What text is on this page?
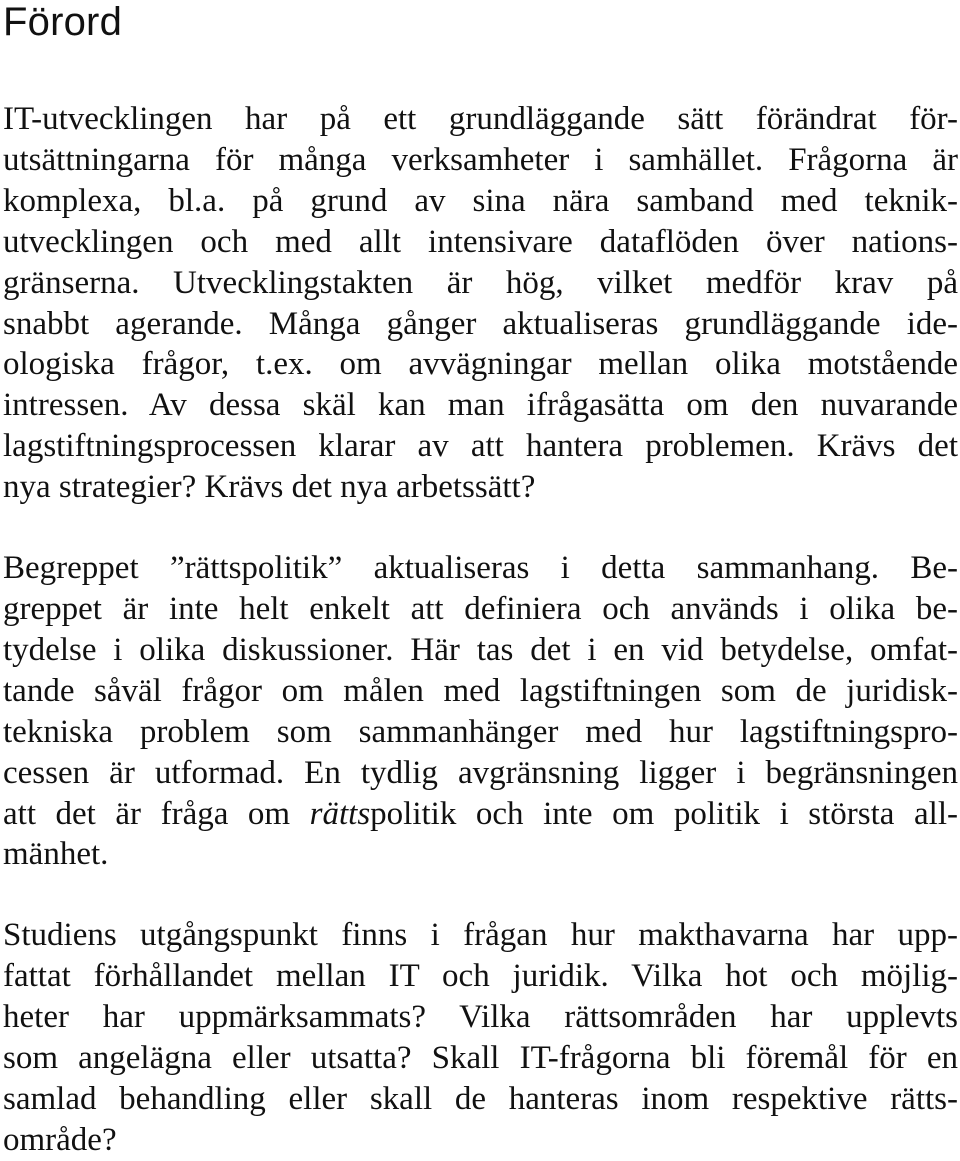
Förord

IT-utvecklingen har på ett grundläggande sätt förändrat för-
utsättningarna för många verksamheter i samhället. Frågorna är
komplexa, bl.a. på grund av sina nära samband med teknik-
utvecklingen och med allt intensivare dataflöden över nations-
gränserna. Utvecklingstakten är hög, vilket medför krav på
snabbt agerande. Många gånger aktualiseras grundläggande ide-
ologiska frågor, t.ex. om avvägningar mellan olika motstående
intressen. Av dessa skäl kan man ifrågasätta om den nuvarande
lagstiftningsprocessen klarar av att hantera problemen. Krävs det
nya strategier? Krävs det nya arbetssätt?

Begreppet ”rättspolitik” aktualiseras i detta sammanhang. Be-
greppet är inte helt enkelt att definiera och används i olika be-
tydelse i olika diskussioner. Här tas det i en vid betydelse, omfat-
tande såväl frågor om målen med lagstiftningen som de juridisk-
tekniska problem som sammanhänger med hur lagstiftningspro-
cessen är utformad. En tydlig avgränsning ligger i begränsningen
att det är fråga om rättspolitik och inte om politik i största all-
mänhet.

Studiens utgångspunkt finns i frågan hur makthavarna har upp-
fattat förhållandet mellan IT och juridik. Vilka hot och möjlig-
heter har uppmärksammats? Vilka rättsområden har upplevts
som angelägna eller utsatta? Skall IT-frågorna bli föremål för en
samlad behandling eller skall de hanteras inom respektive rätts-
område?
